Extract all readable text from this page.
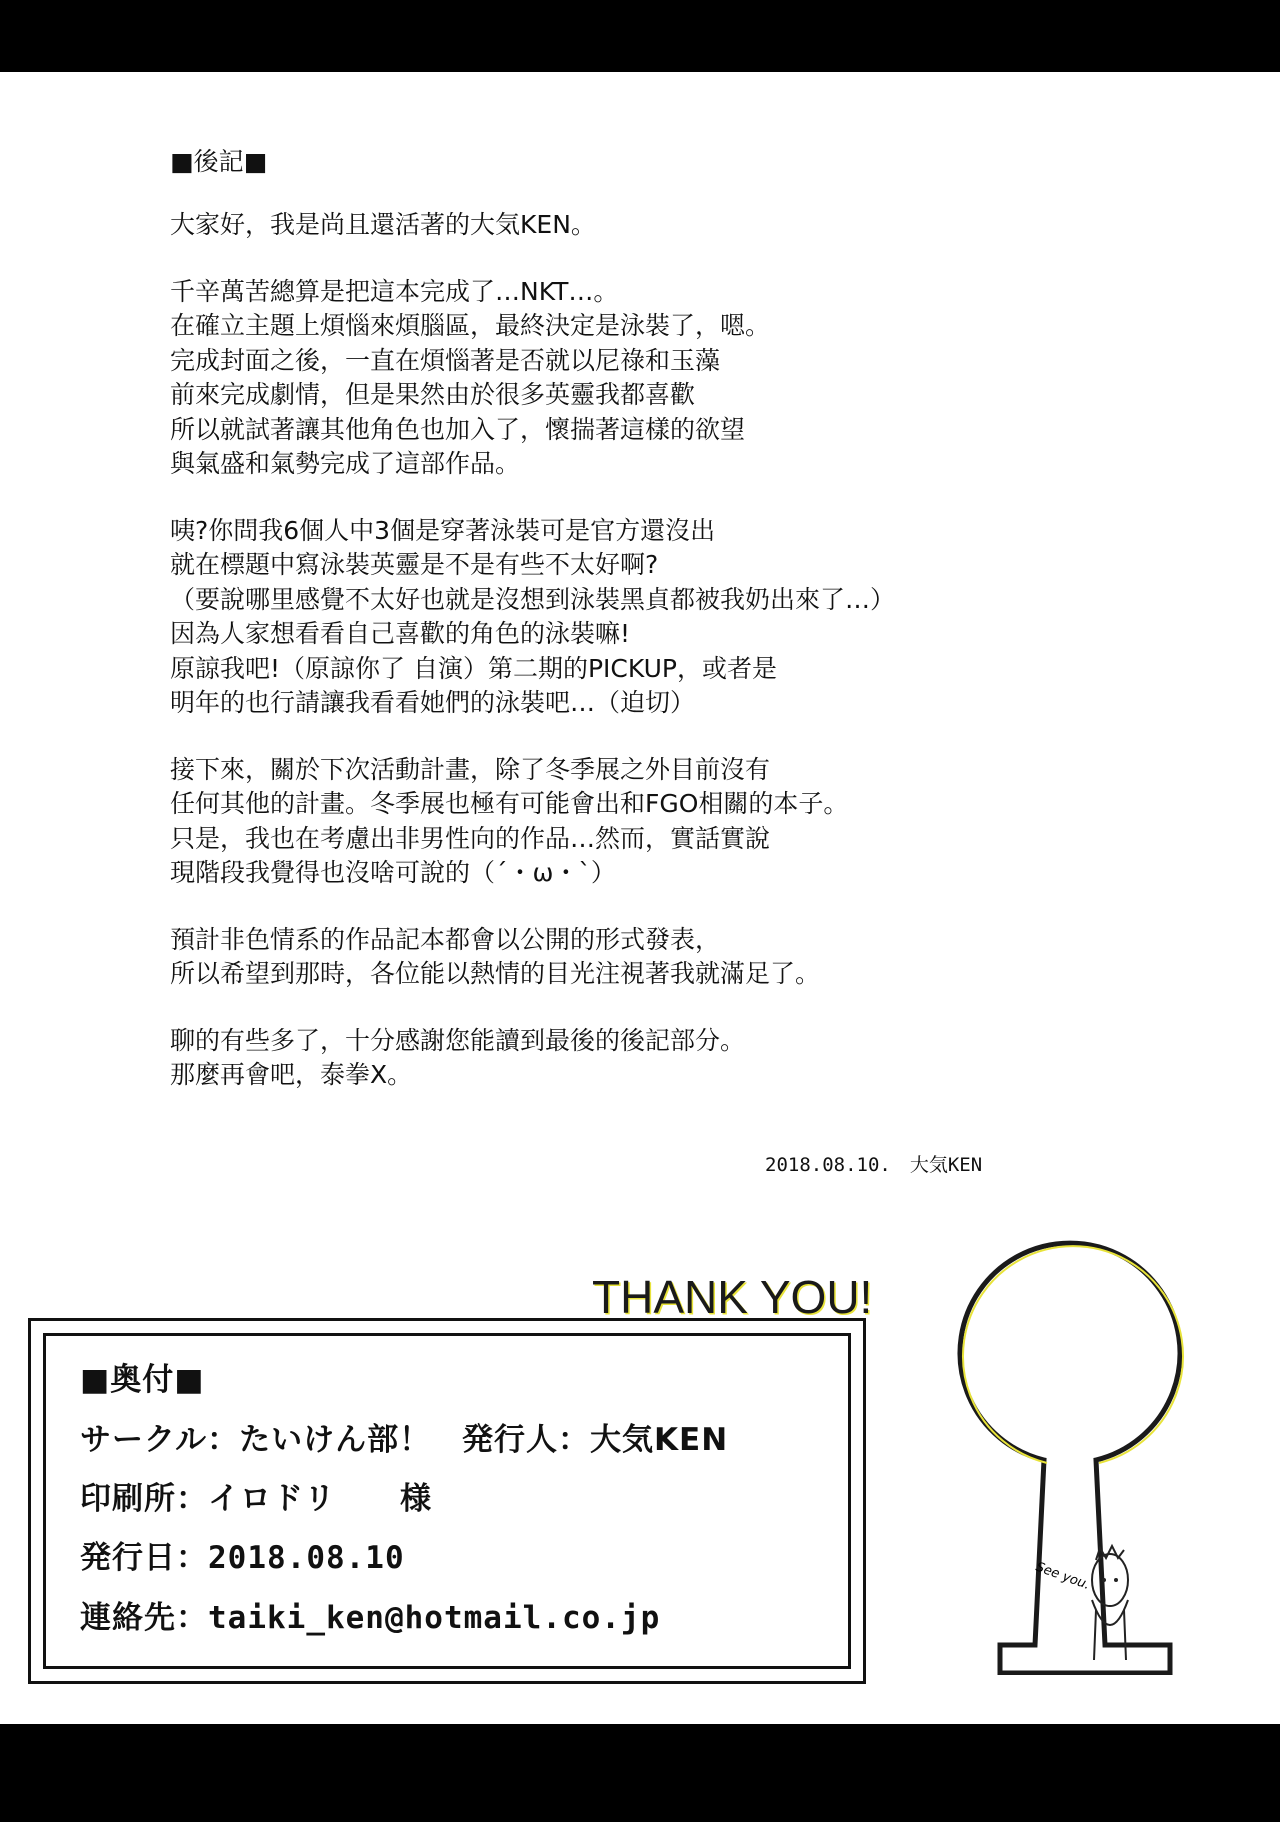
■後記■
大家好，我是尚且還活著的大気KEN。
千辛萬苦總算是把這本完成了…NKT…。
在確立主題上煩惱來煩腦區，最終決定是泳裝了，嗯。
完成封面之後，一直在煩惱著是否就以尼祿和玉藻
前來完成劇情，但是果然由於很多英靈我都喜歡
所以就試著讓其他角色也加入了，懷揣著這樣的欲望
與氣盛和氣勢完成了這部作品。
咦?你問我6個人中3個是穿著泳裝可是官方還沒出
就在標題中寫泳裝英靈是不是有些不太好啊?
（要說哪里感覺不太好也就是沒想到泳裝黑貞都被我奶出來了…）
因為人家想看看自己喜歡的角色的泳裝嘛!
原諒我吧!（原諒你了 自演）第二期的PICKUP，或者是
明年的也行請讓我看看她們的泳裝吧…（迫切）
接下來，關於下次活動計畫，除了冬季展之外目前沒有
任何其他的計畫。冬季展也極有可能會出和FGO相關的本子。
只是，我也在考慮出非男性向的作品…然而，實話實說
現階段我覺得也沒啥可說的（´・ω・`）
預計非色情系的作品記本都會以公開的形式發表，
所以希望到那時，各位能以熱情的目光注視著我就滿足了。
聊的有些多了，十分感謝您能讀到最後的後記部分。
那麼再會吧，泰拳X。
2018.08.10.　大気KEN
THANK YOU!
■奥付■
サークル：たいけん部！ 発行人：大気KEN
印刷所：イロドリ　　様
発行日：2018.08.10
連絡先：taiki_ken@hotmail.co.jp
See you.
